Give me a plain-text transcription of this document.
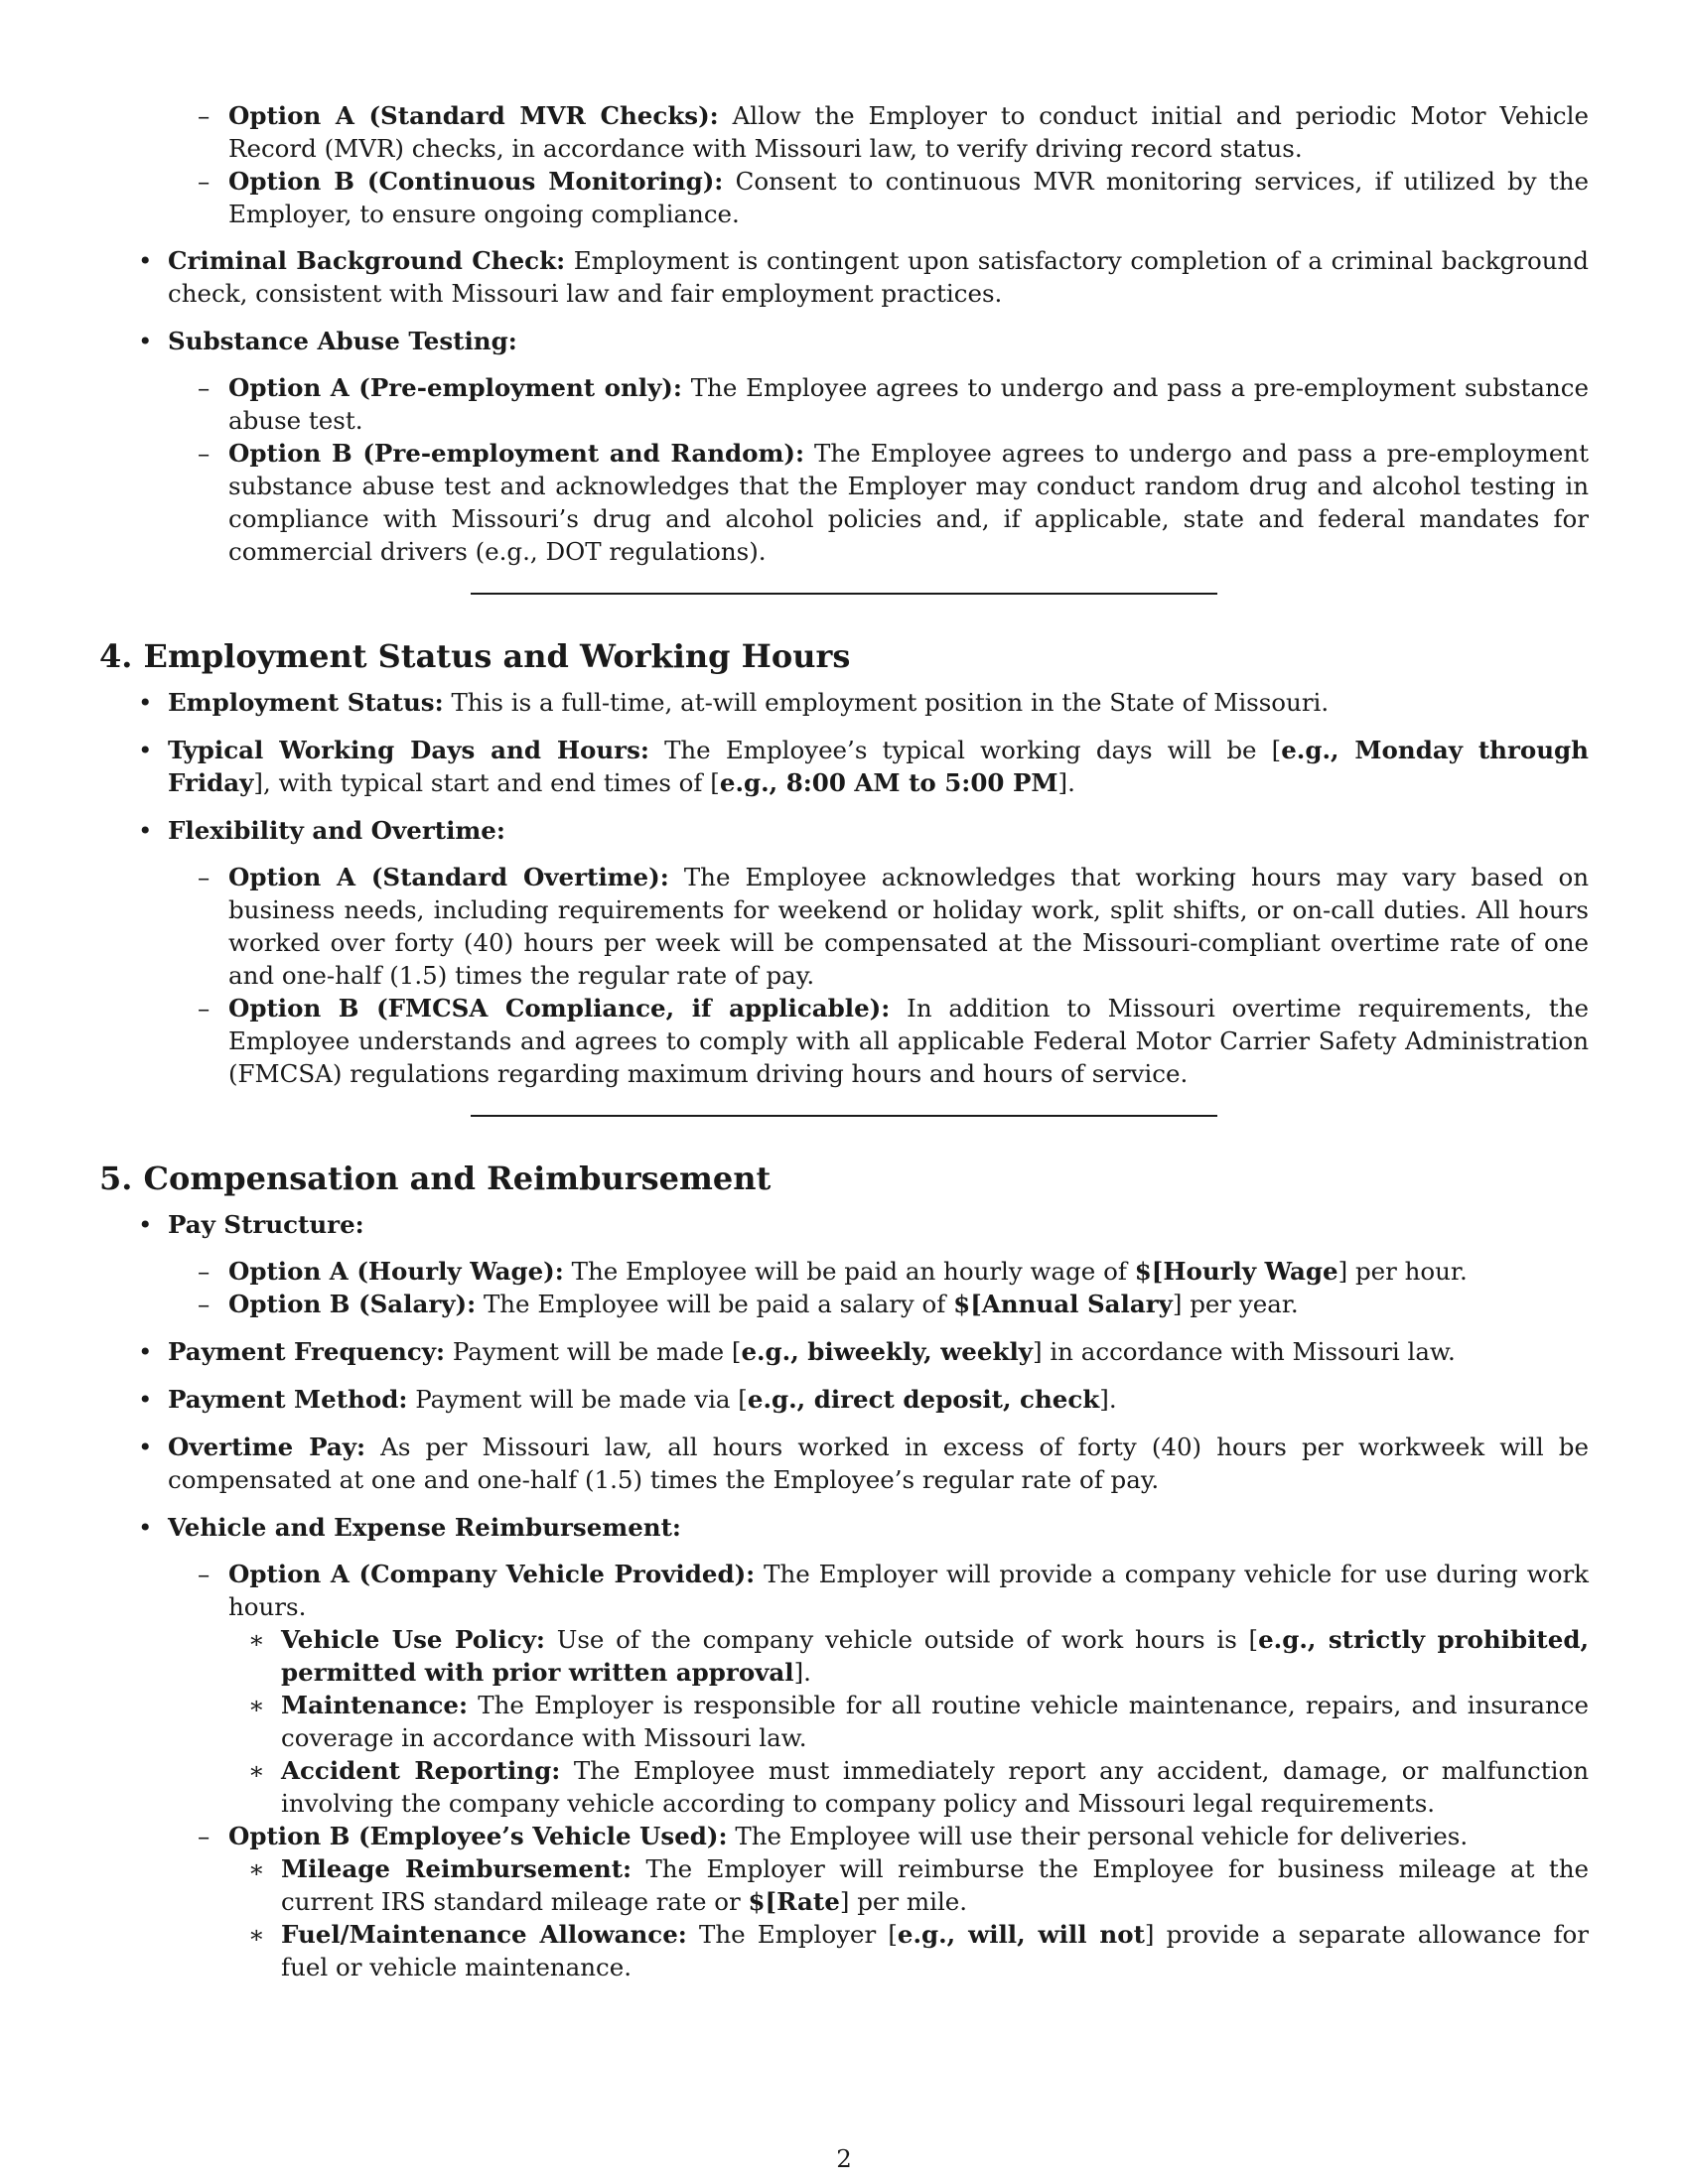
– Option A (Standard MVR Checks): Allow the Employer to conduct initial and periodic Motor Vehicle Record (MVR) checks, in accordance with Missouri law, to verify driving record status.
– Option B (Continuous Monitoring): Consent to continuous MVR monitoring services, if utilized by the Employer, to ensure ongoing compliance.
• Criminal Background Check: Employment is contingent upon satisfactory completion of a criminal background check, consistent with Missouri law and fair employment practices.
• Substance Abuse Testing:
– Option A (Pre-employment only): The Employee agrees to undergo and pass a pre-employment substance abuse test.
– Option B (Pre-employment and Random): The Employee agrees to undergo and pass a pre-employment substance abuse test and acknowledges that the Employer may conduct random drug and alcohol testing in compliance with Missouri’s drug and alcohol policies and, if applicable, state and federal mandates for commercial drivers (e.g., DOT regulations).
4. Employment Status and Working Hours
• Employment Status: This is a full-time, at-will employment position in the State of Missouri.
• Typical Working Days and Hours: The Employee’s typical working days will be [e.g., Monday through Friday], with typical start and end times of [e.g., 8:00 AM to 5:00 PM].
• Flexibility and Overtime:
– Option A (Standard Overtime): The Employee acknowledges that working hours may vary based on business needs, including requirements for weekend or holiday work, split shifts, or on-call duties. All hours worked over forty (40) hours per week will be compensated at the Missouri-compliant overtime rate of one and one-half (1.5) times the regular rate of pay.
– Option B (FMCSA Compliance, if applicable): In addition to Missouri overtime requirements, the Employee understands and agrees to comply with all applicable Federal Motor Carrier Safety Administration (FMCSA) regulations regarding maximum driving hours and hours of service.
5. Compensation and Reimbursement
• Pay Structure:
– Option A (Hourly Wage): The Employee will be paid an hourly wage of $[Hourly Wage] per hour.
– Option B (Salary): The Employee will be paid a salary of $[Annual Salary] per year.
• Payment Frequency: Payment will be made [e.g., biweekly, weekly] in accordance with Missouri law.
• Payment Method: Payment will be made via [e.g., direct deposit, check].
• Overtime Pay: As per Missouri law, all hours worked in excess of forty (40) hours per workweek will be compensated at one and one-half (1.5) times the Employee’s regular rate of pay.
• Vehicle and Expense Reimbursement:
– Option A (Company Vehicle Provided): The Employer will provide a company vehicle for use during work hours.
∗ Vehicle Use Policy: Use of the company vehicle outside of work hours is [e.g., strictly prohibited, permitted with prior written approval].
∗ Maintenance: The Employer is responsible for all routine vehicle maintenance, repairs, and insurance coverage in accordance with Missouri law.
∗ Accident Reporting: The Employee must immediately report any accident, damage, or malfunction involving the company vehicle according to company policy and Missouri legal requirements.
– Option B (Employee’s Vehicle Used): The Employee will use their personal vehicle for deliveries.
∗ Mileage Reimbursement: The Employer will reimburse the Employee for business mileage at the current IRS standard mileage rate or $[Rate] per mile.
∗ Fuel/Maintenance Allowance: The Employer [e.g., will, will not] provide a separate allowance for fuel or vehicle maintenance.
2
